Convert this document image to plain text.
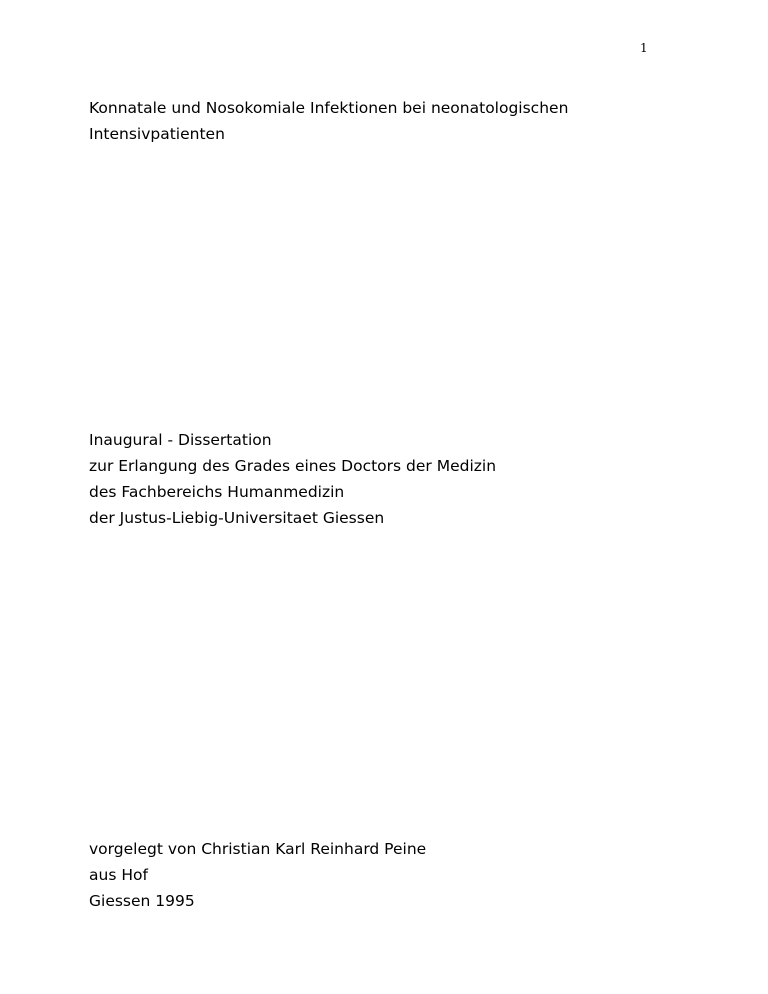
1
Konnatale und Nosokomiale Infektionen bei neonatologischen
Intensivpatienten
Inaugural - Dissertation
zur Erlangung des Grades eines Doctors der Medizin
des Fachbereichs Humanmedizin
der Justus-Liebig-Universitaet Giessen
vorgelegt von Christian Karl Reinhard Peine
aus Hof
Giessen 1995
